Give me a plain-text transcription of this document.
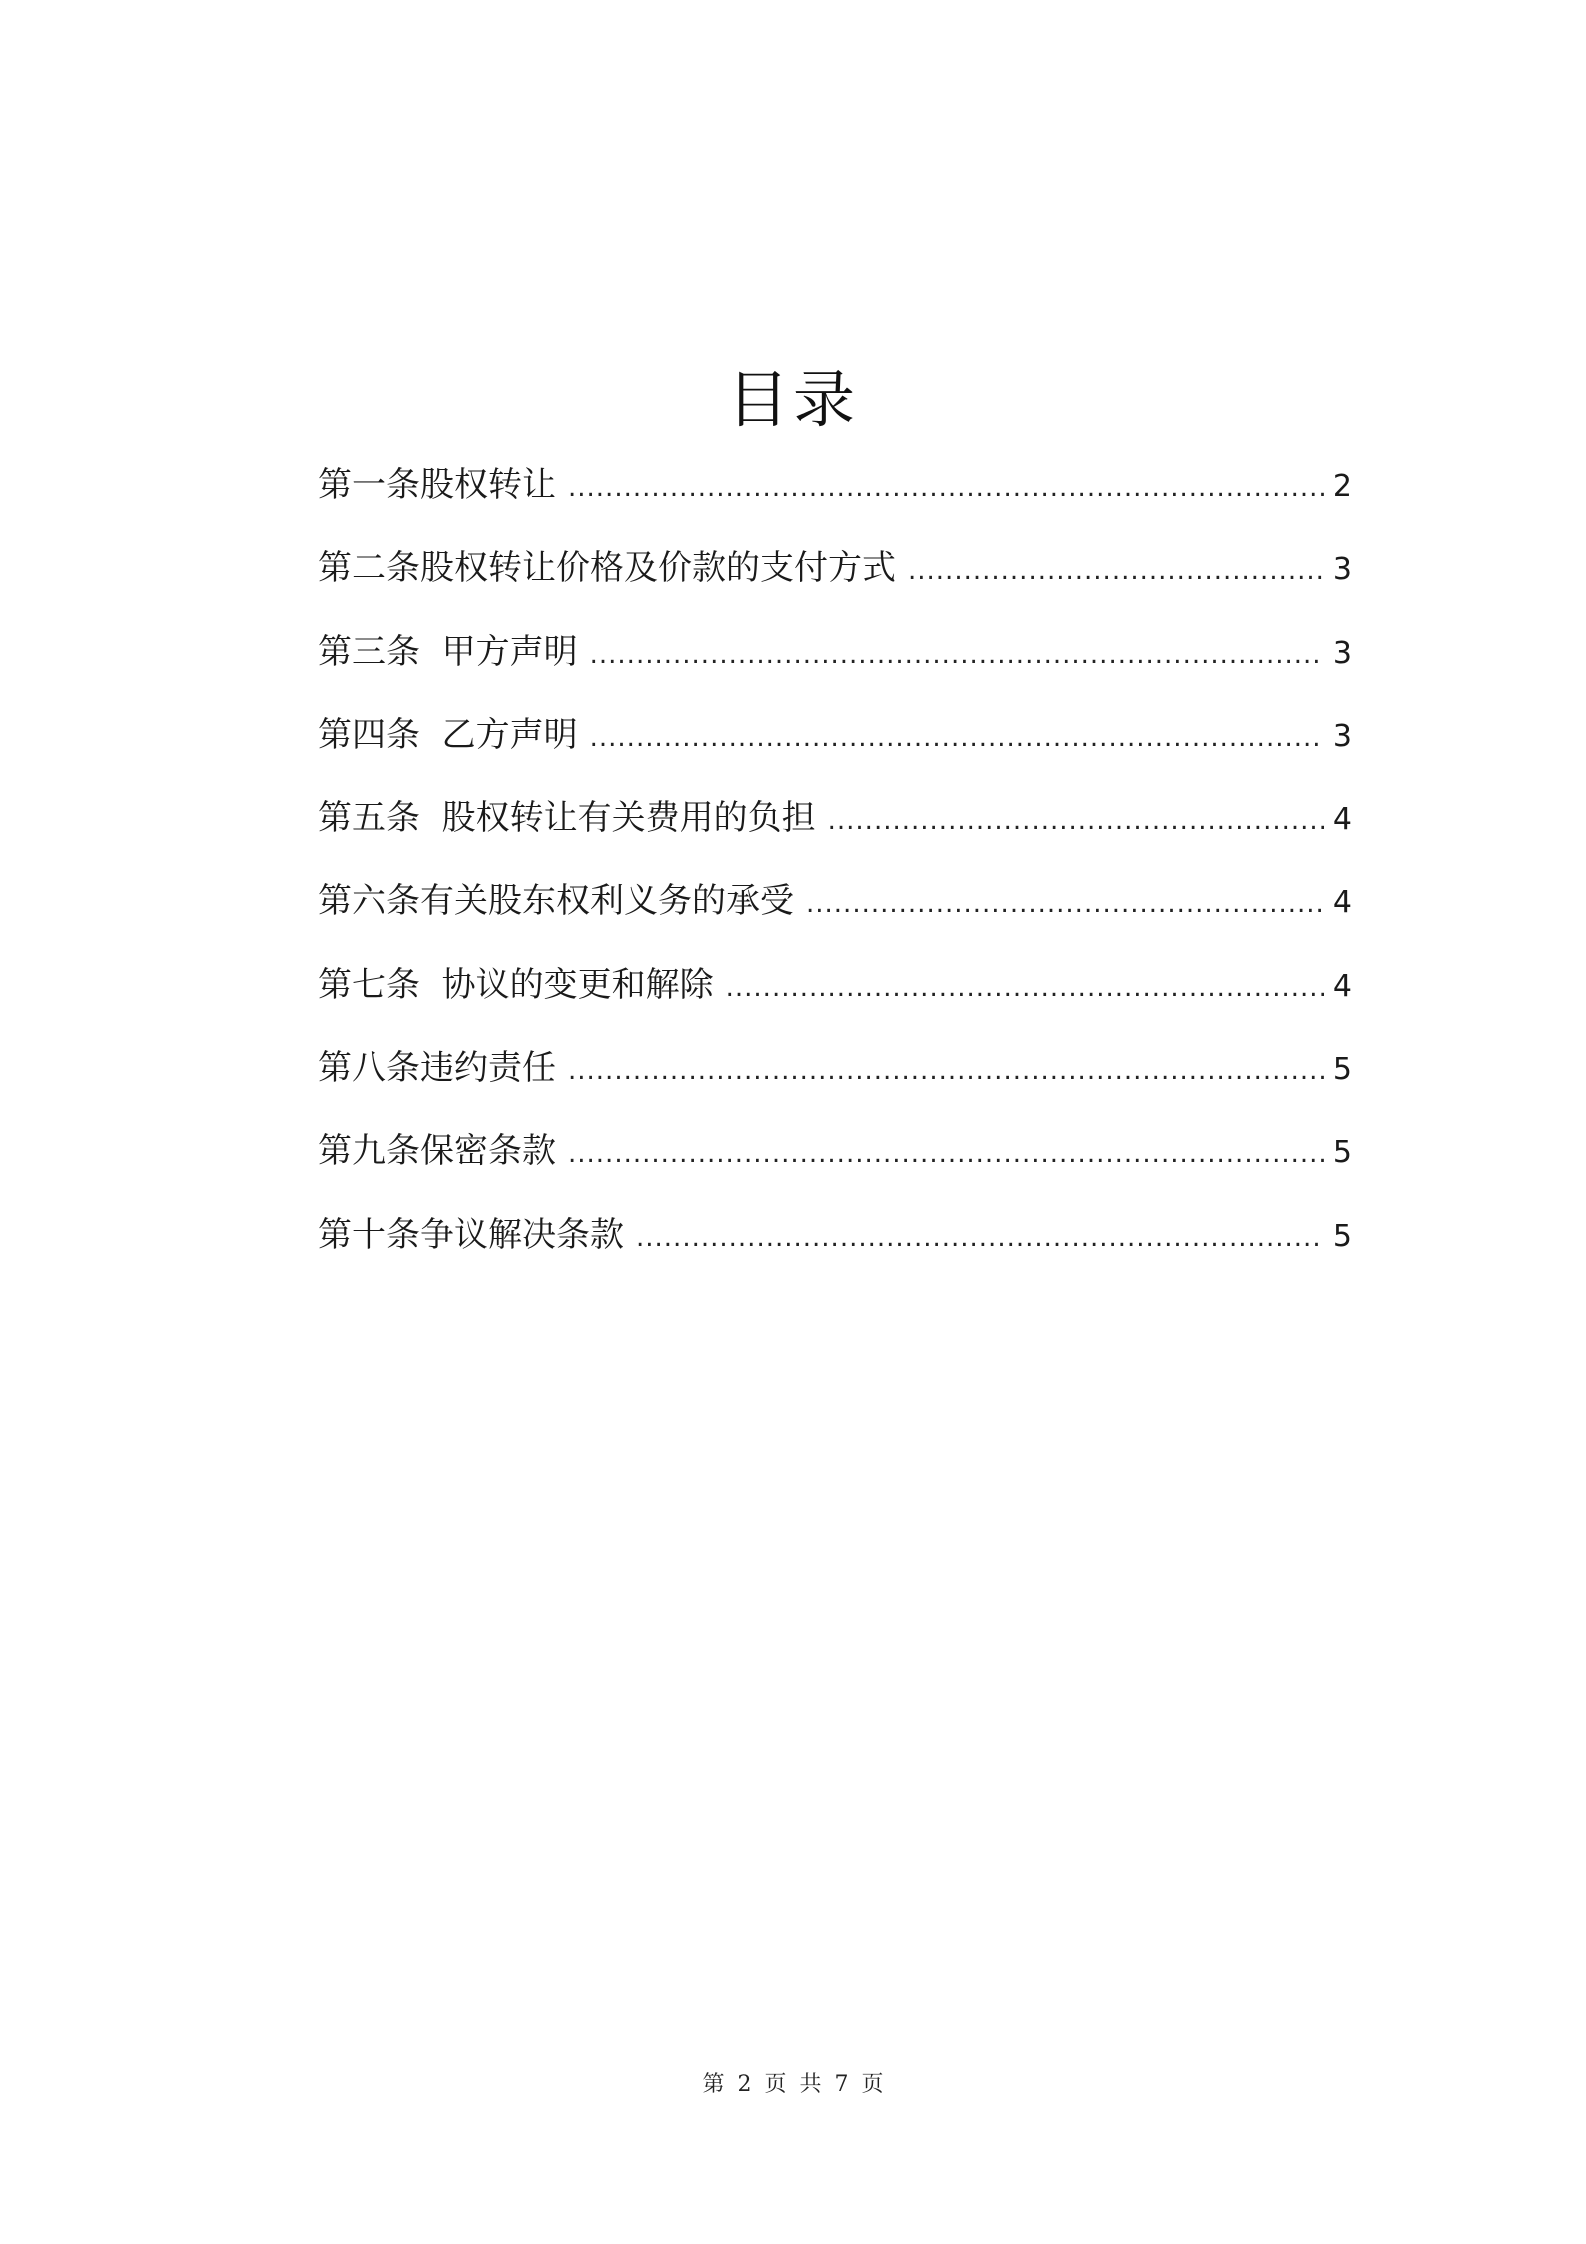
目录
第一条股权转让 .....	2
第二条股权转让价格及价款的支付方式 .....	3
第三条  甲方声明 .....	3
第四条  乙方声明 .....	3
第五条  股权转让有关费用的负担 .....	4
第六条有关股东权利义务的承受 .....	4
第七条  协议的变更和解除 .....	4
第八条违约责任 .....	5
第九条保密条款 .....	5
第十条争议解决条款 .....	5
第 2 页 共 7 页
